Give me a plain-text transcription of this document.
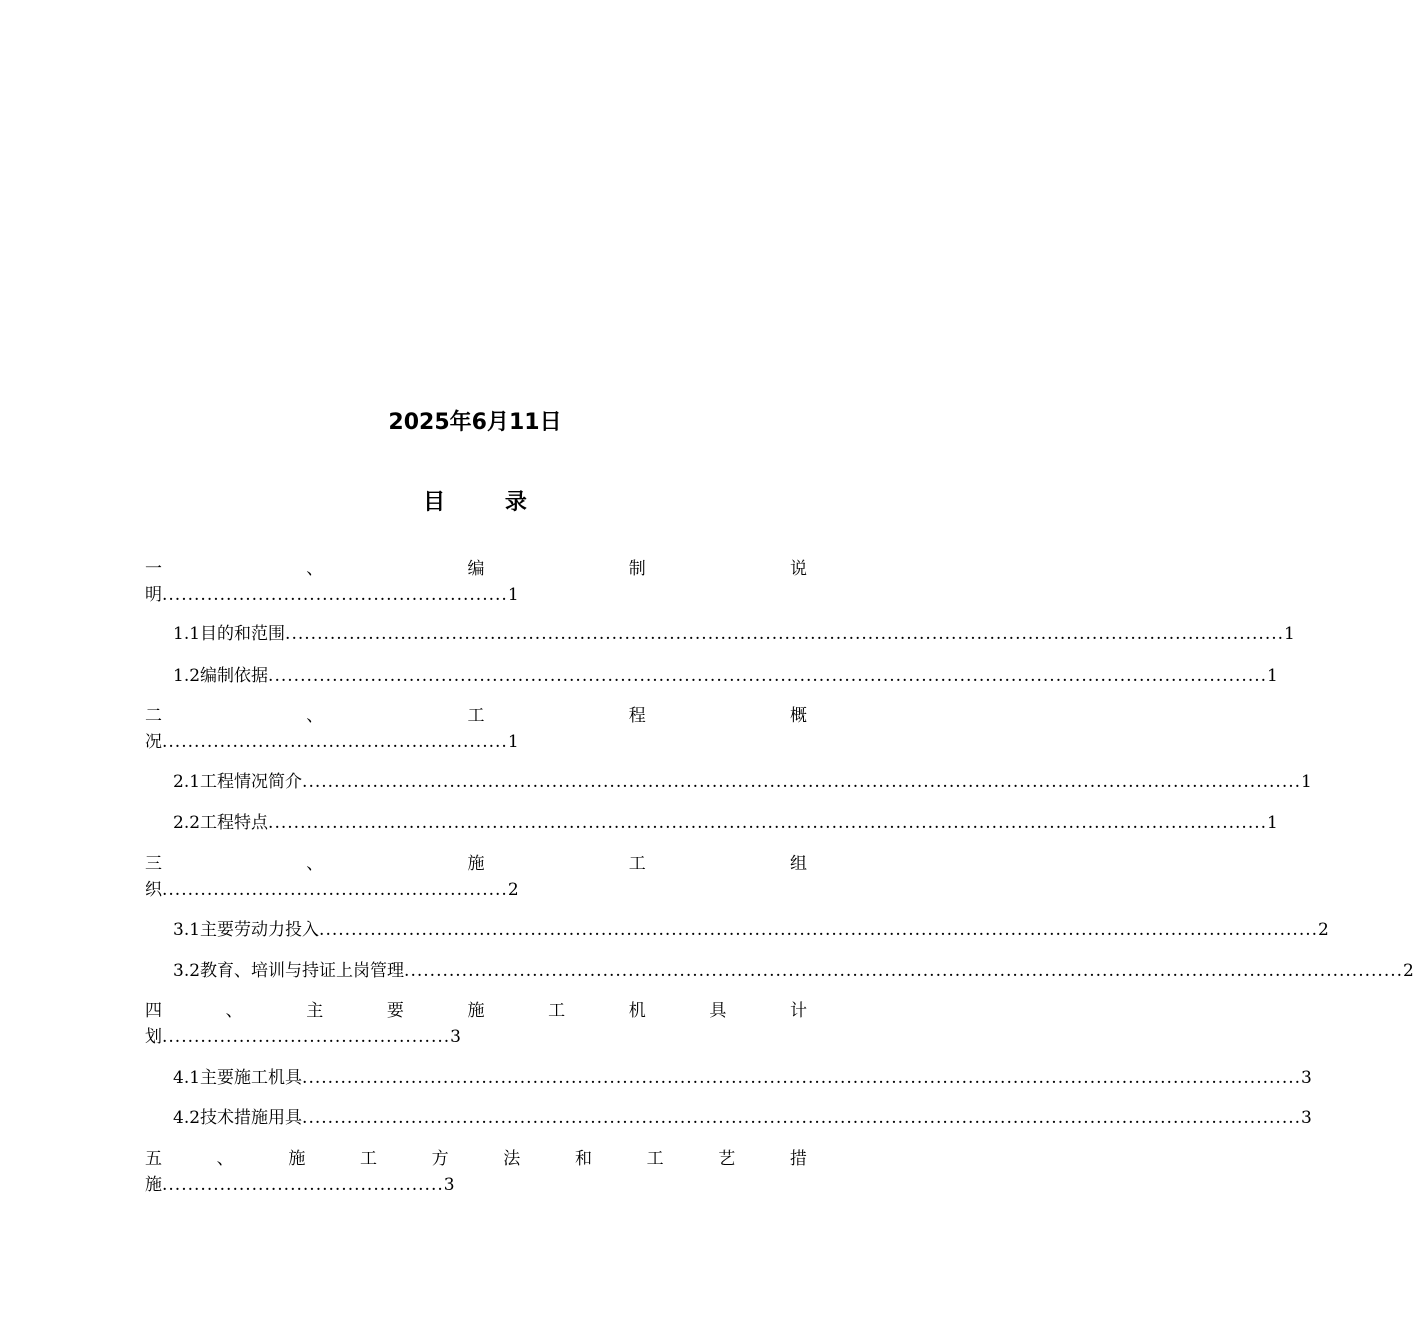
2025年6月11日
目 录
一	、	编	制	说
明......................................................1
1.1目的和范围 ............................................................................................................................................................ 1
1.2编制依据 ............................................................................................................................................................ 1
二	、	工	程	概
况......................................................1
2.1工程情况简介 ............................................................................................................................................................ 1
2.2工程特点 ............................................................................................................................................................ 1
三	、	施	工	组
织......................................................2
3.1主要劳动力投入 ............................................................................................................................................................ 2
3.2教育、培训与持证上岗管理 ............................................................................................................................................................ 2
四	、	主	要	施	工	机	具	计
划.............................................3
4.1主要施工机具 ............................................................................................................................................................ 3
4.2技术措施用具 ............................................................................................................................................................ 3
五	、	施	工	方	法	和	工	艺	措
施............................................3
